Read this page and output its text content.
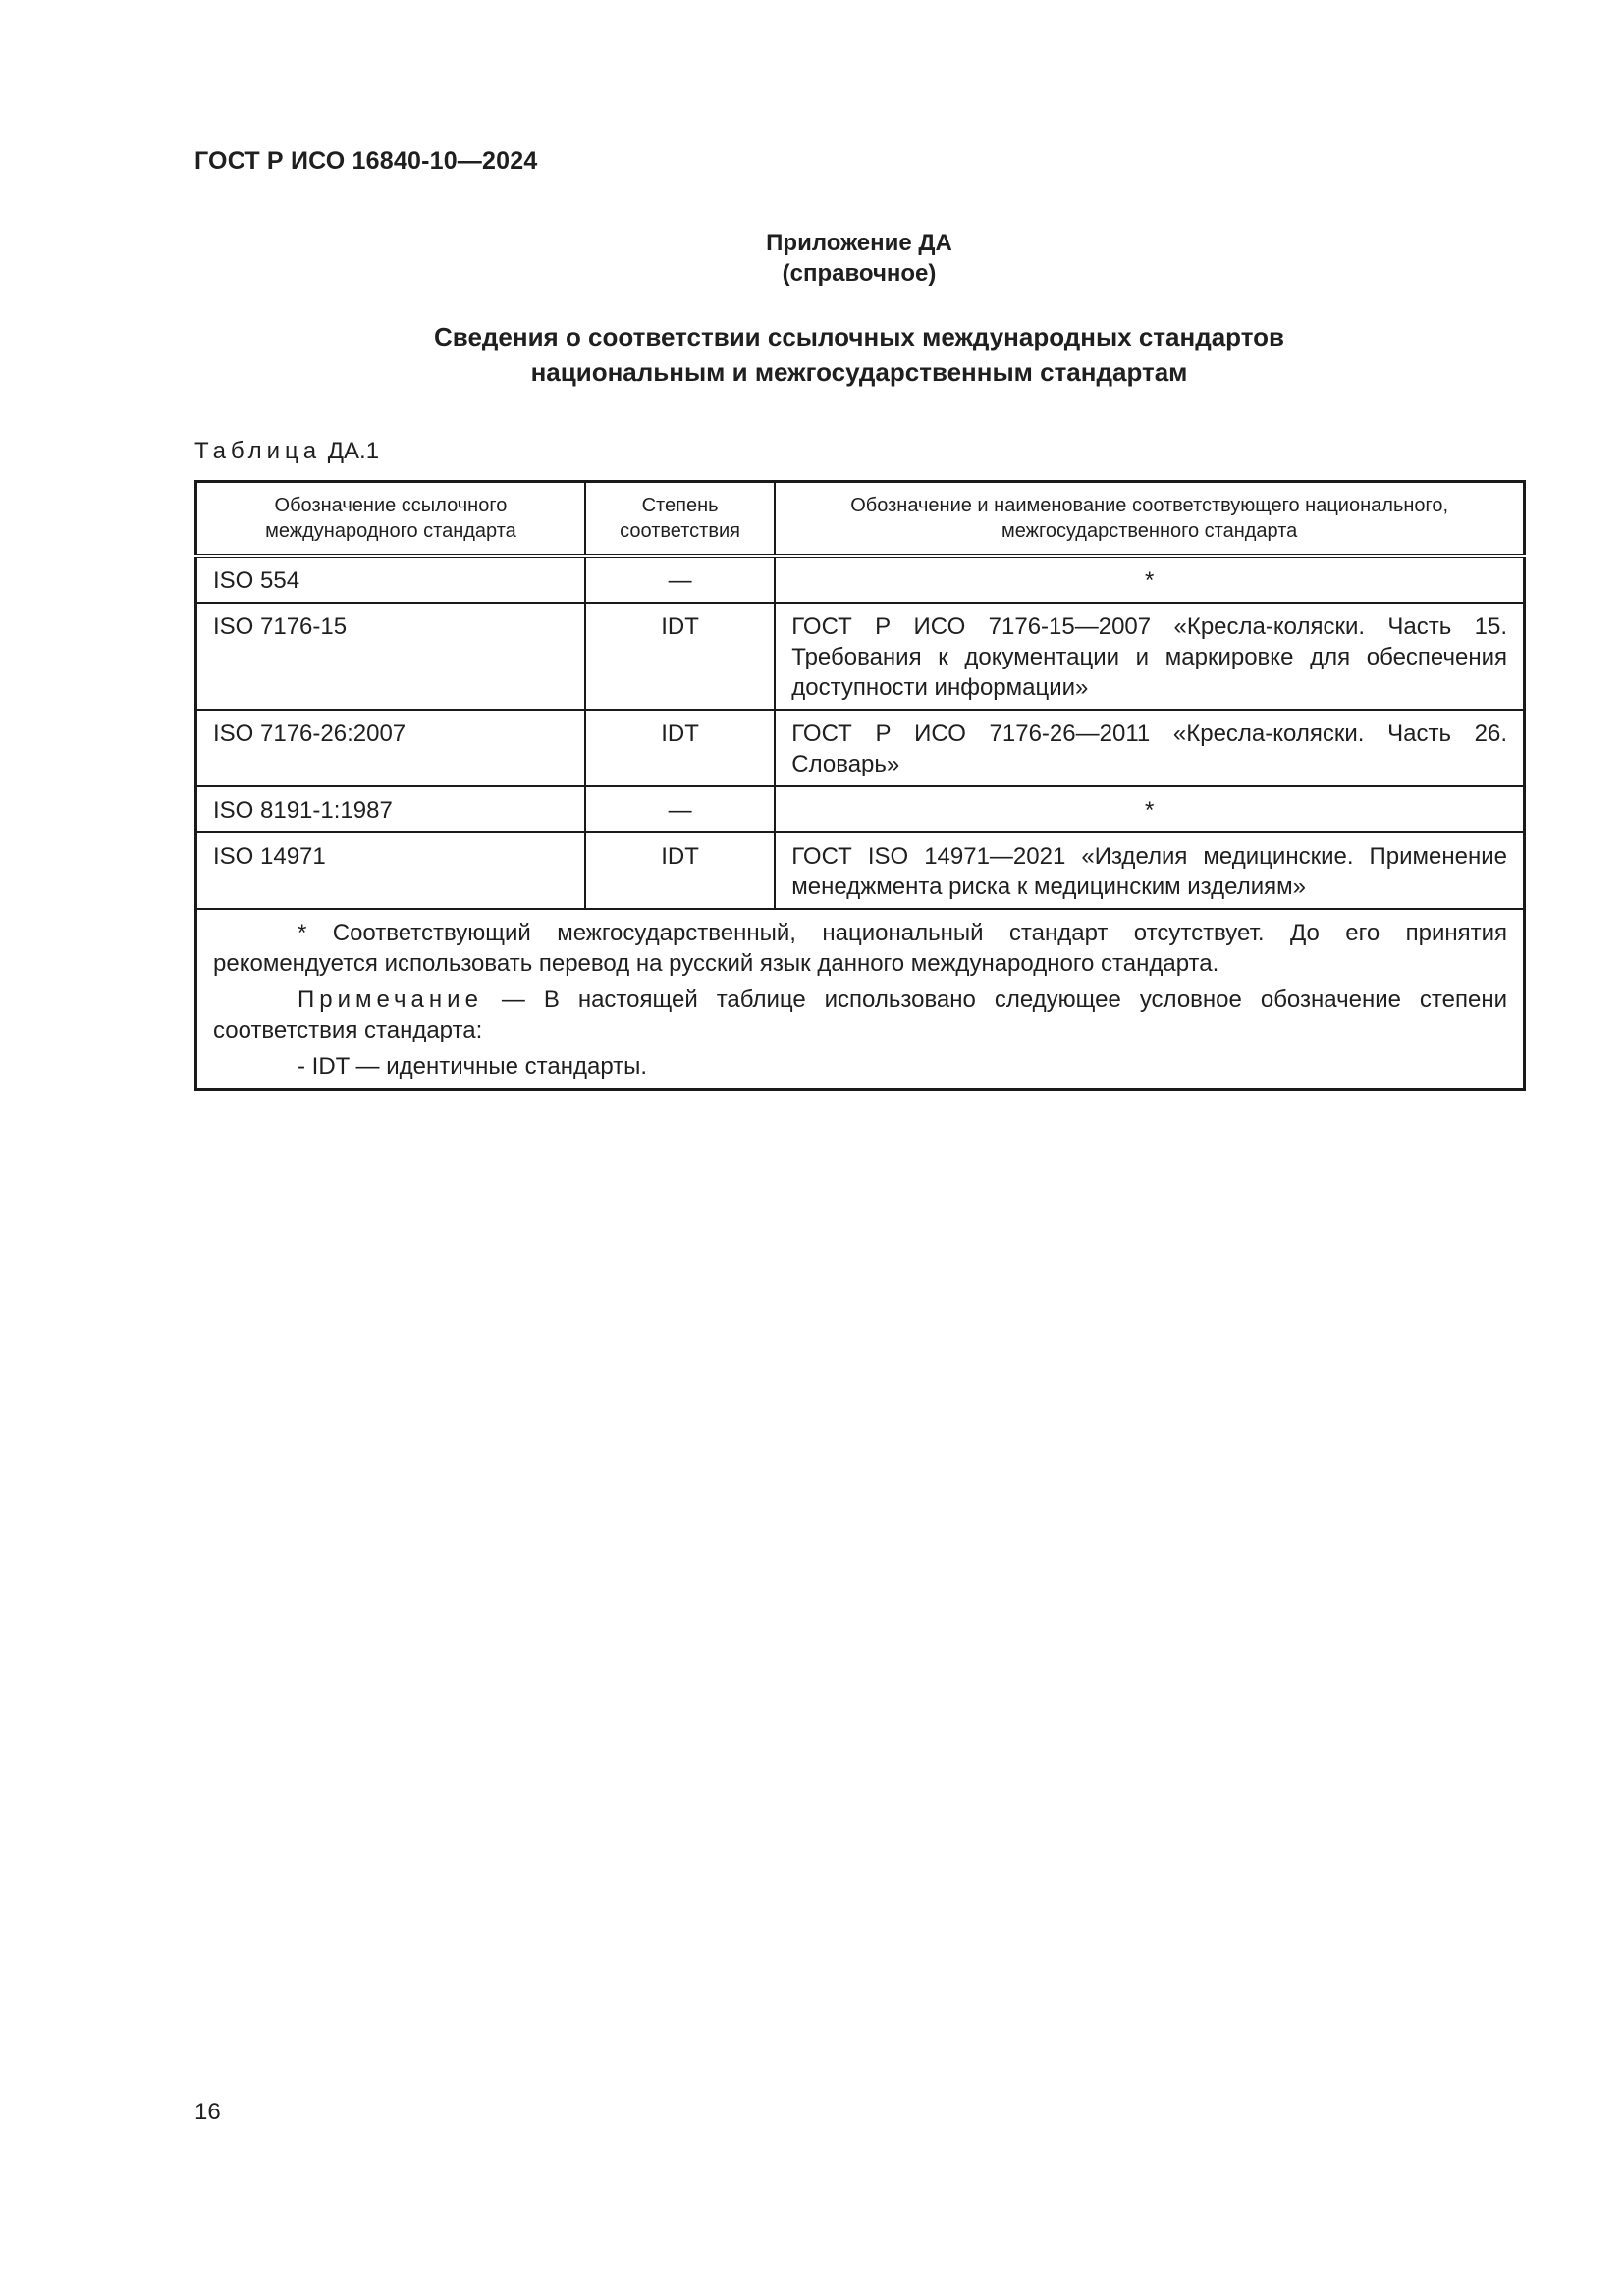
ГОСТ Р ИСО 16840-10—2024
Приложение ДА
(справочное)
Сведения о соответствии ссылочных международных стандартов
национальным и межгосударственным стандартам
Таблица ДА.1
Обозначение ссылочного международного стандарта	Степень соответствия	Обозначение и наименование соответствующего национального, межгосударственного стандарта
ISO 554	—	*
ISO 7176-15	IDT	ГОСТ Р ИСО 7176-15—2007 «Кресла-коляски. Часть 15. Требования к документации и маркировке для обеспечения доступности информации»
ISO 7176-26:2007	IDT	ГОСТ Р ИСО 7176-26—2011 «Кресла-коляски. Часть 26. Словарь»
ISO 8191-1:1987	—	*
ISO 14971	IDT	ГОСТ ISO 14971—2021 «Изделия медицинские. Применение менеджмента риска к медицинским изделиям»

* Соответствующий межгосударственный, национальный стандарт отсутствует. До его принятия рекомендуется использовать перевод на русский язык данного международного стандарта.

Примечание — В настоящей таблице использовано следующее условное обозначение степени соответствия стандарта:

- IDT — идентичные стандарты.		

16
